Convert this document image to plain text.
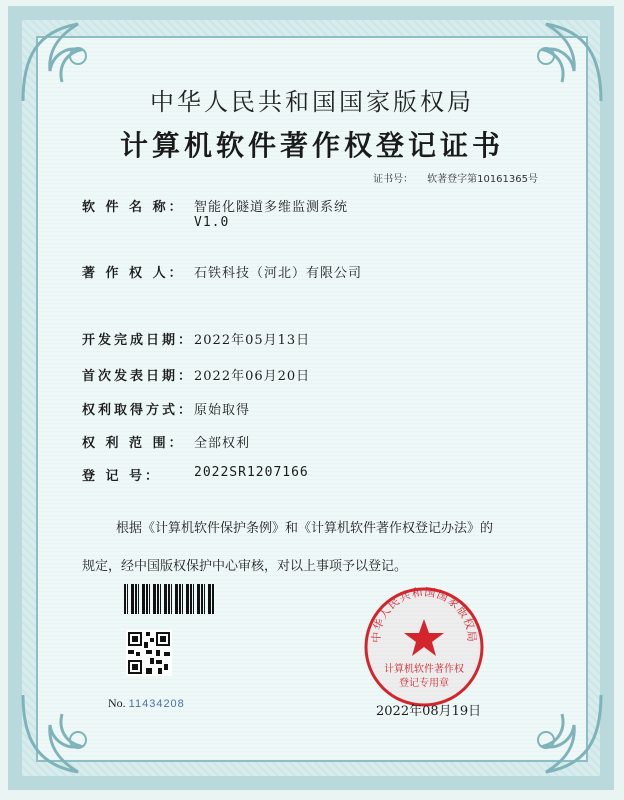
中华人民共和国国家版权局
计算机软件著作权登记证书
证书号： 软著登字第10161365号
软 件 名 称： 智能化隧道多维监测系统
V1.0
著 作 权 人： 石铁科技（河北）有限公司
开发完成日期： 2022年05月13日
首次发表日期： 2022年06月20日
权利取得方式： 原始取得
权 利 范 围： 全部权利
登 记 号：	2022SR1207166
根据《计算机软件保护条例》和《计算机软件著作权登记办法》的
规定，经中国版权保护中心审核，对以上事项予以登记。
No. 11434208
中华人民共和国国家版权局
计算机软件著作权
登记专用章
2022年08月19日
